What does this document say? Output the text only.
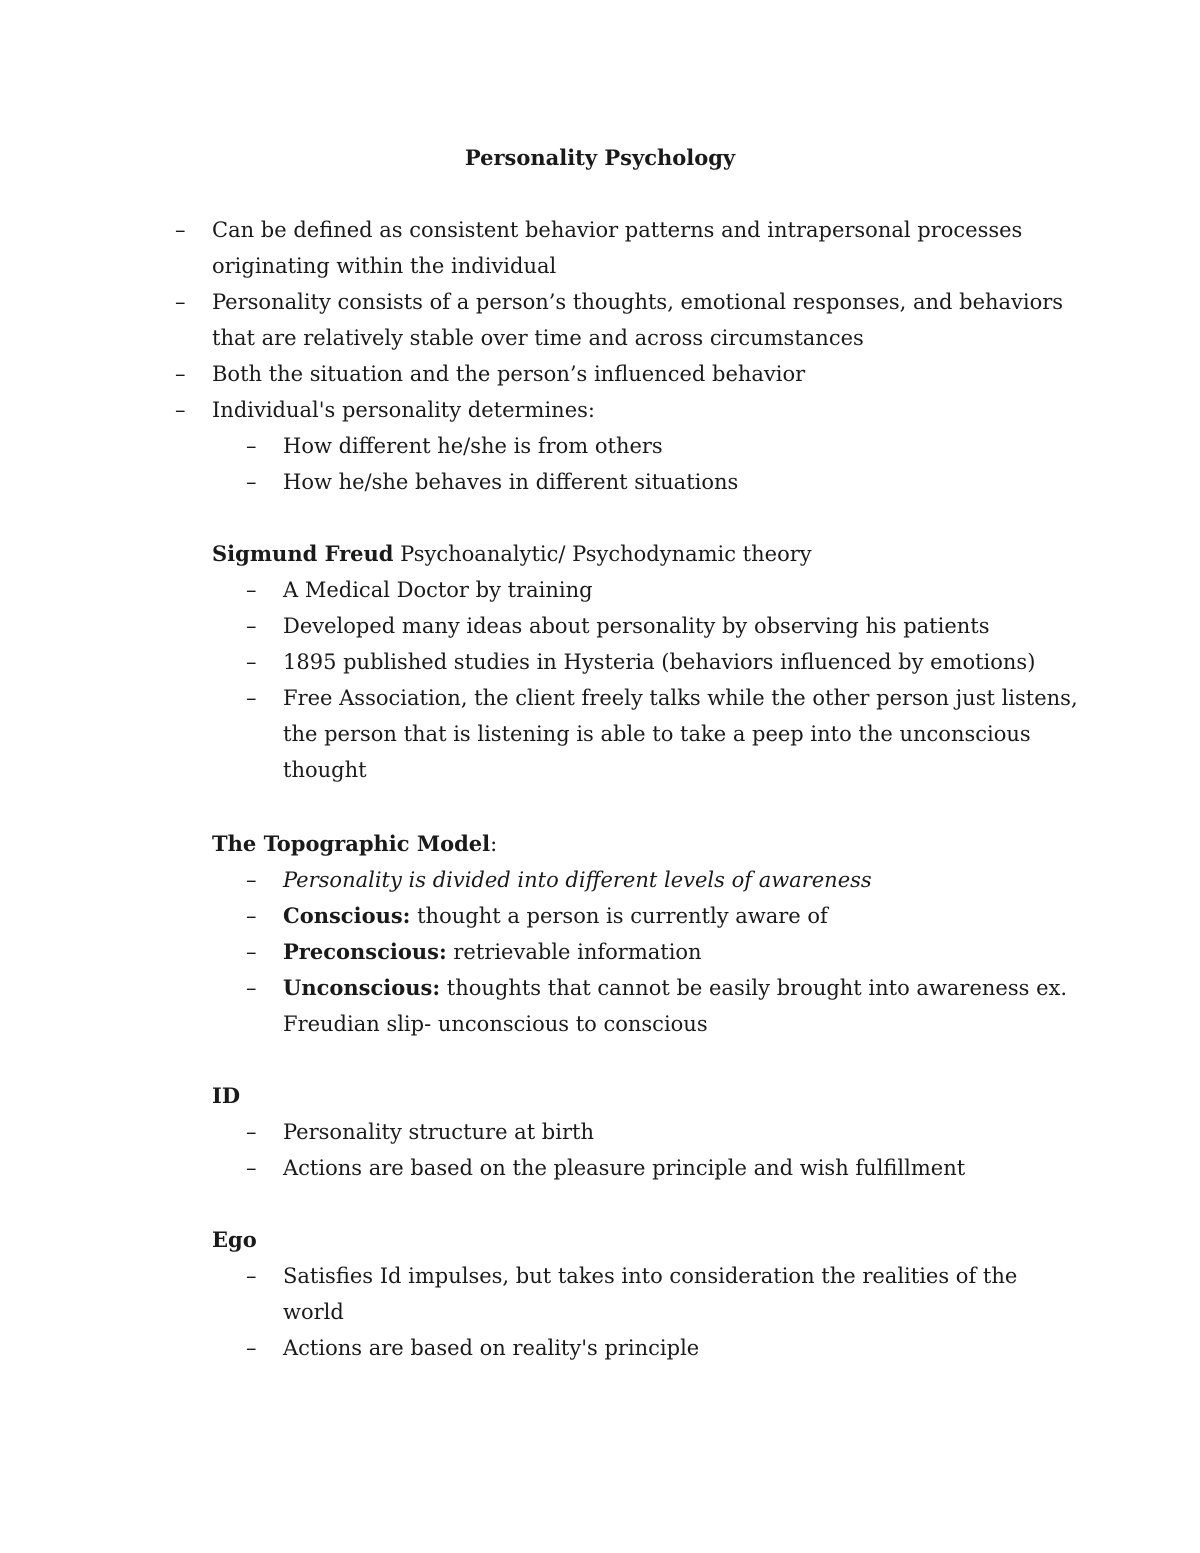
Personality Psychology
– Can be defined as consistent behavior patterns and intrapersonal processes

originating within the individual

– Personality consists of a person’s thoughts, emotional responses, and behaviors

that are relatively stable over time and across circumstances

– Both the situation and the person’s influenced behavior

– Individual's personality determines:

– How different he/she is from others

– How he/she behaves in different situations

Sigmund Freud Psychoanalytic/ Psychodynamic theory

– A Medical Doctor by training

– Developed many ideas about personality by observing his patients

– 1895 published studies in Hysteria (behaviors influenced by emotions)

– Free Association, the client freely talks while the other person just listens,

the person that is listening is able to take a peep into the unconscious

thought

The Topographic Model:

– Personality is divided into different levels of awareness

– Conscious: thought a person is currently aware of

– Preconscious: retrievable information

– Unconscious: thoughts that cannot be easily brought into awareness ex.

Freudian slip- unconscious to conscious

ID

– Personality structure at birth

– Actions are based on the pleasure principle and wish fulfillment

Ego

– Satisfies Id impulses, but takes into consideration the realities of the

world

– Actions are based on reality's principle
